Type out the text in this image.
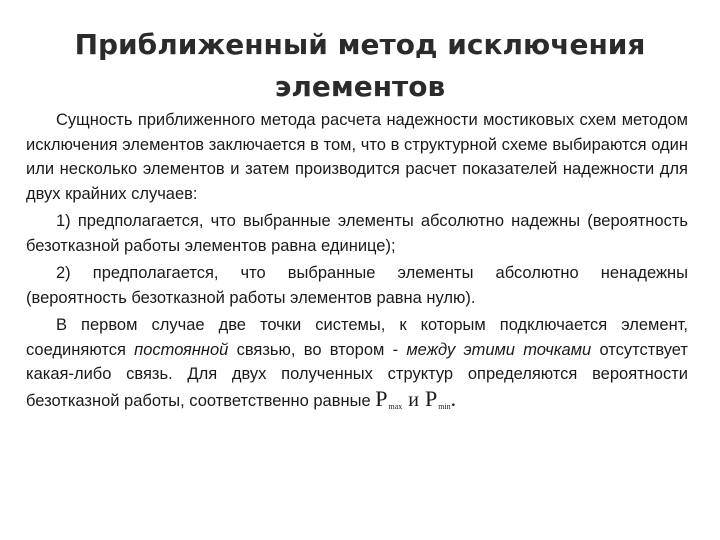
Приближенный метод исключения
элементов

Сущность приближенного метода расчета надежности мостиковых схем методом исключения элементов заключается в том, что в структурной схеме выбираются один или несколько элементов и затем производится расчет показателей надежности для двух крайних случаев:

1) предполагается, что выбранные элементы абсолютно надежны (вероятность безотказной работы элементов равна единице);

2) предполагается, что выбранные элементы абсолютно ненадежны (вероятность безотказной работы элементов равна нулю).

В первом случае две точки системы, к которым подключается элемент, соединяются постоянной связью, во втором - между этими точками отсутствует какая-либо связь. Для двух полученных структур определяются вероятности безотказной работы, соответственно равные $P_{max}$ и $P_{min}$.
